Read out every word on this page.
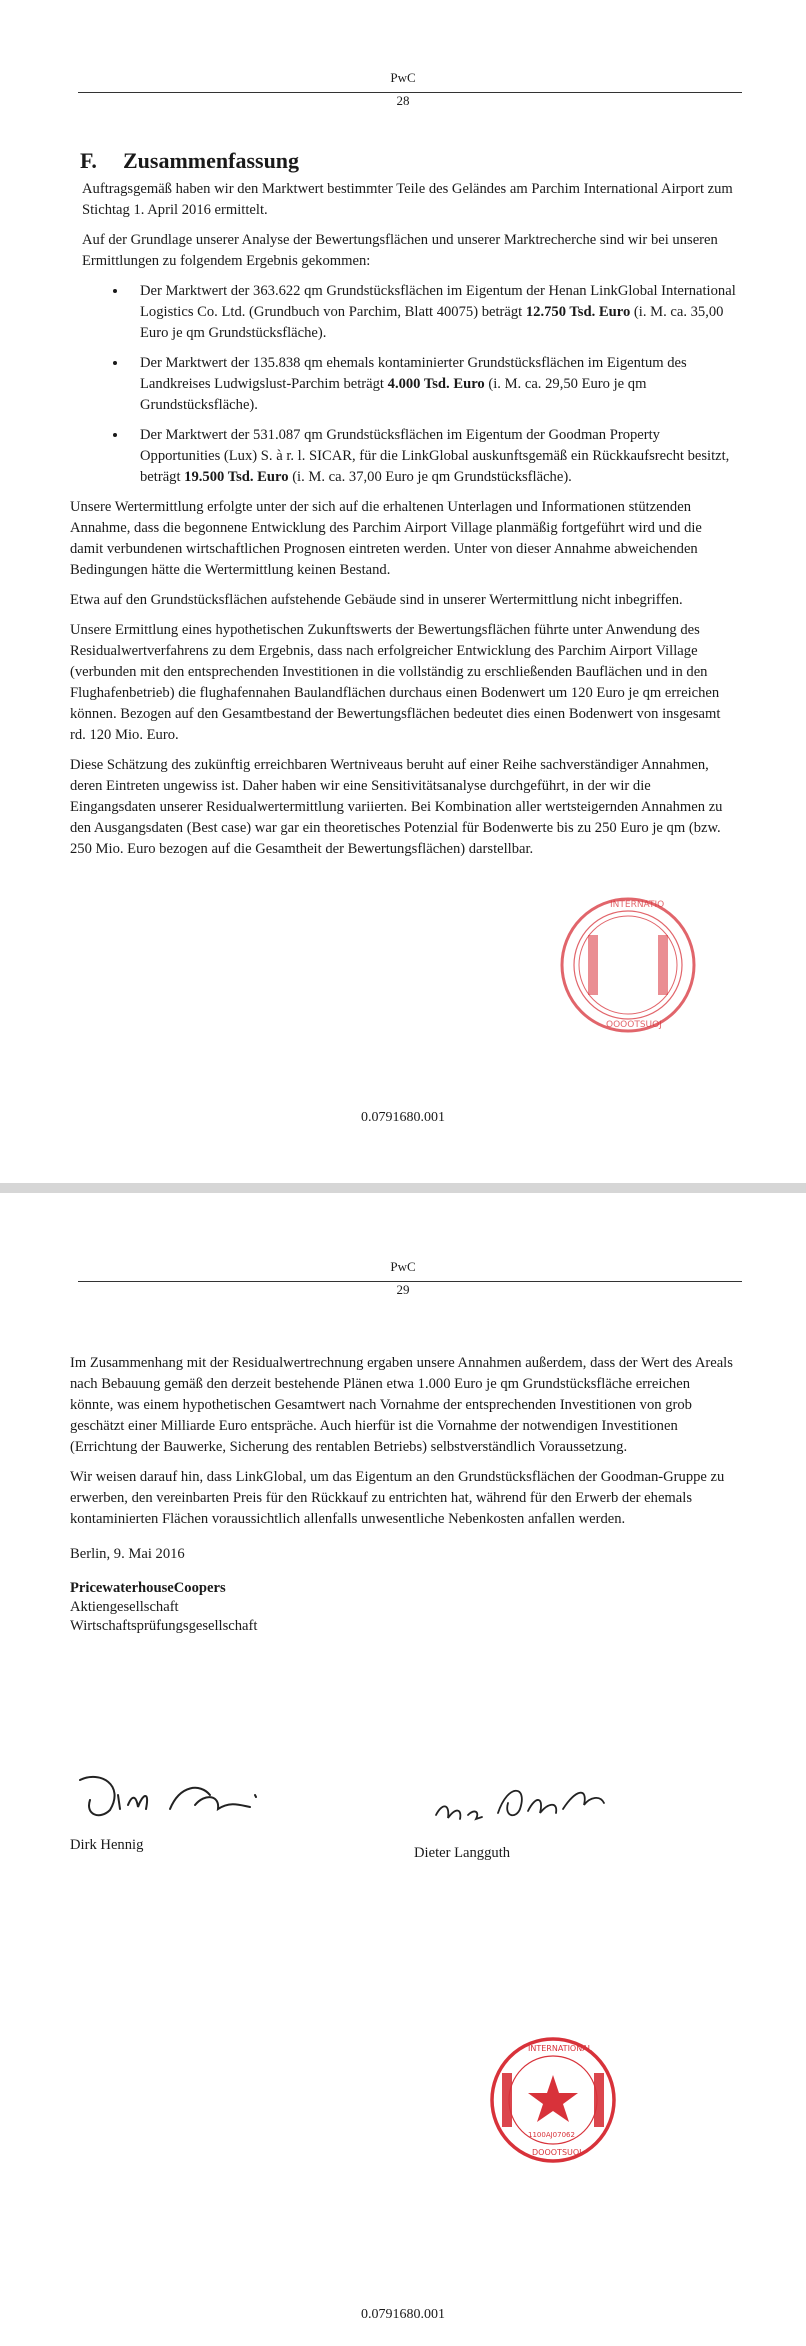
PwC
28
F. Zusammenfassung

Auftragsgemäß haben wir den Marktwert bestimmter Teile des Geländes am Parchim International Airport zum Stichtag 1. April 2016 ermittelt.

Auf der Grundlage unserer Analyse der Bewertungsflächen und unserer Marktrecherche sind wir bei unseren Ermittlungen zu folgendem Ergebnis gekommen:

• Der Marktwert der 363.622 qm Grundstücksflächen im Eigentum der Henan LinkGlobal International Logistics Co. Ltd. (Grundbuch von Parchim, Blatt 40075) beträgt 12.750 Tsd. Euro (i. M. ca. 35,00 Euro je qm Grundstücksfläche).
• Der Marktwert der 135.838 qm ehemals kontaminierter Grundstücksflächen im Eigentum des Landkreises Ludwigslust-Parchim beträgt 4.000 Tsd. Euro (i. M. ca. 29,50 Euro je qm Grundstücksfläche).
• Der Marktwert der 531.087 qm Grundstücksflächen im Eigentum der Goodman Property Opportunities (Lux) S. à r. l. SICAR, für die LinkGlobal auskunftsgemäß ein Rückkaufsrecht besitzt, beträgt 19.500 Tsd. Euro (i. M. ca. 37,00 Euro je qm Grundstücksfläche).

Unsere Wertermittlung erfolgte unter der sich auf die erhaltenen Unterlagen und Informationen stützenden Annahme, dass die begonnene Entwicklung des Parchim Airport Village planmäßig fortgeführt wird und die damit verbundenen wirtschaftlichen Prognosen eintreten werden. Unter von dieser Annahme abweichenden Bedingungen hätte die Wertermittlung keinen Bestand.

Etwa auf den Grundstücksflächen aufstehende Gebäude sind in unserer Wertermittlung nicht inbegriffen.

Unsere Ermittlung eines hypothetischen Zukunftswerts der Bewertungsflächen führte unter Anwendung des Residualwertverfahrens zu dem Ergebnis, dass nach erfolgreicher Entwicklung des Parchim Airport Village (verbunden mit den entsprechenden Investitionen in die vollständig zu erschließenden Bauflächen und in den Flughafenbetrieb) die flughafennahen Baulandflächen durchaus einen Bodenwert um 120 Euro je qm erreichen können. Bezogen auf den Gesamtbestand der Bewertungsflächen bedeutet dies einen Bodenwert von insgesamt rd. 120 Mio. Euro.

Diese Schätzung des zukünftig erreichbaren Wertniveaus beruht auf einer Reihe sachverständiger Annahmen, deren Eintreten ungewiss ist. Daher haben wir eine Sensitivitätsanalyse durchgeführt, in der wir die Eingangsdaten unserer Residualwertermittlung variierten. Bei Kombination aller wertsteigernden Annahmen zu den Ausgangsdaten (Best case) war gar ein theoretisches Potenzial für Bodenwerte bis zu 250 Euro je qm (bzw. 250 Mio. Euro bezogen auf die Gesamtheit der Bewertungsflächen) darstellbar.

INTERNATIO
OOOOTSUOJ
0.0791680.001
PwC
29

Im Zusammenhang mit der Residualwertrechnung ergaben unsere Annahmen außerdem, dass der Wert des Areals nach Bebauung gemäß den derzeit bestehende Plänen etwa 1.000 Euro je qm Grundstücksfläche erreichen könnte, was einem hypothetischen Gesamtwert nach Vornahme der entsprechenden Investitionen von grob geschätzt einer Milliarde Euro entspräche. Auch hierfür ist die Vornahme der notwendigen Investitionen (Errichtung der Bauwerke, Sicherung des rentablen Betriebs) selbstverständlich Voraussetzung.

Wir weisen darauf hin, dass LinkGlobal, um das Eigentum an den Grundstücksflächen der Goodman-Gruppe zu erwerben, den vereinbarten Preis für den Rückkauf zu entrichten hat, während für den Erwerb der ehemals kontaminierten Flächen voraussichtlich allenfalls unwesentliche Nebenkosten anfallen werden.

Berlin, 9. Mai 2016

PricewaterhouseCoopers
Aktiengesellschaft
Wirtschaftsprüfungsgesellschaft
Dirk Hennig	Dieter Langguth
INTERNATIONAL
DOOOTSUOJ
1100AJ07062
0.0791680.001
